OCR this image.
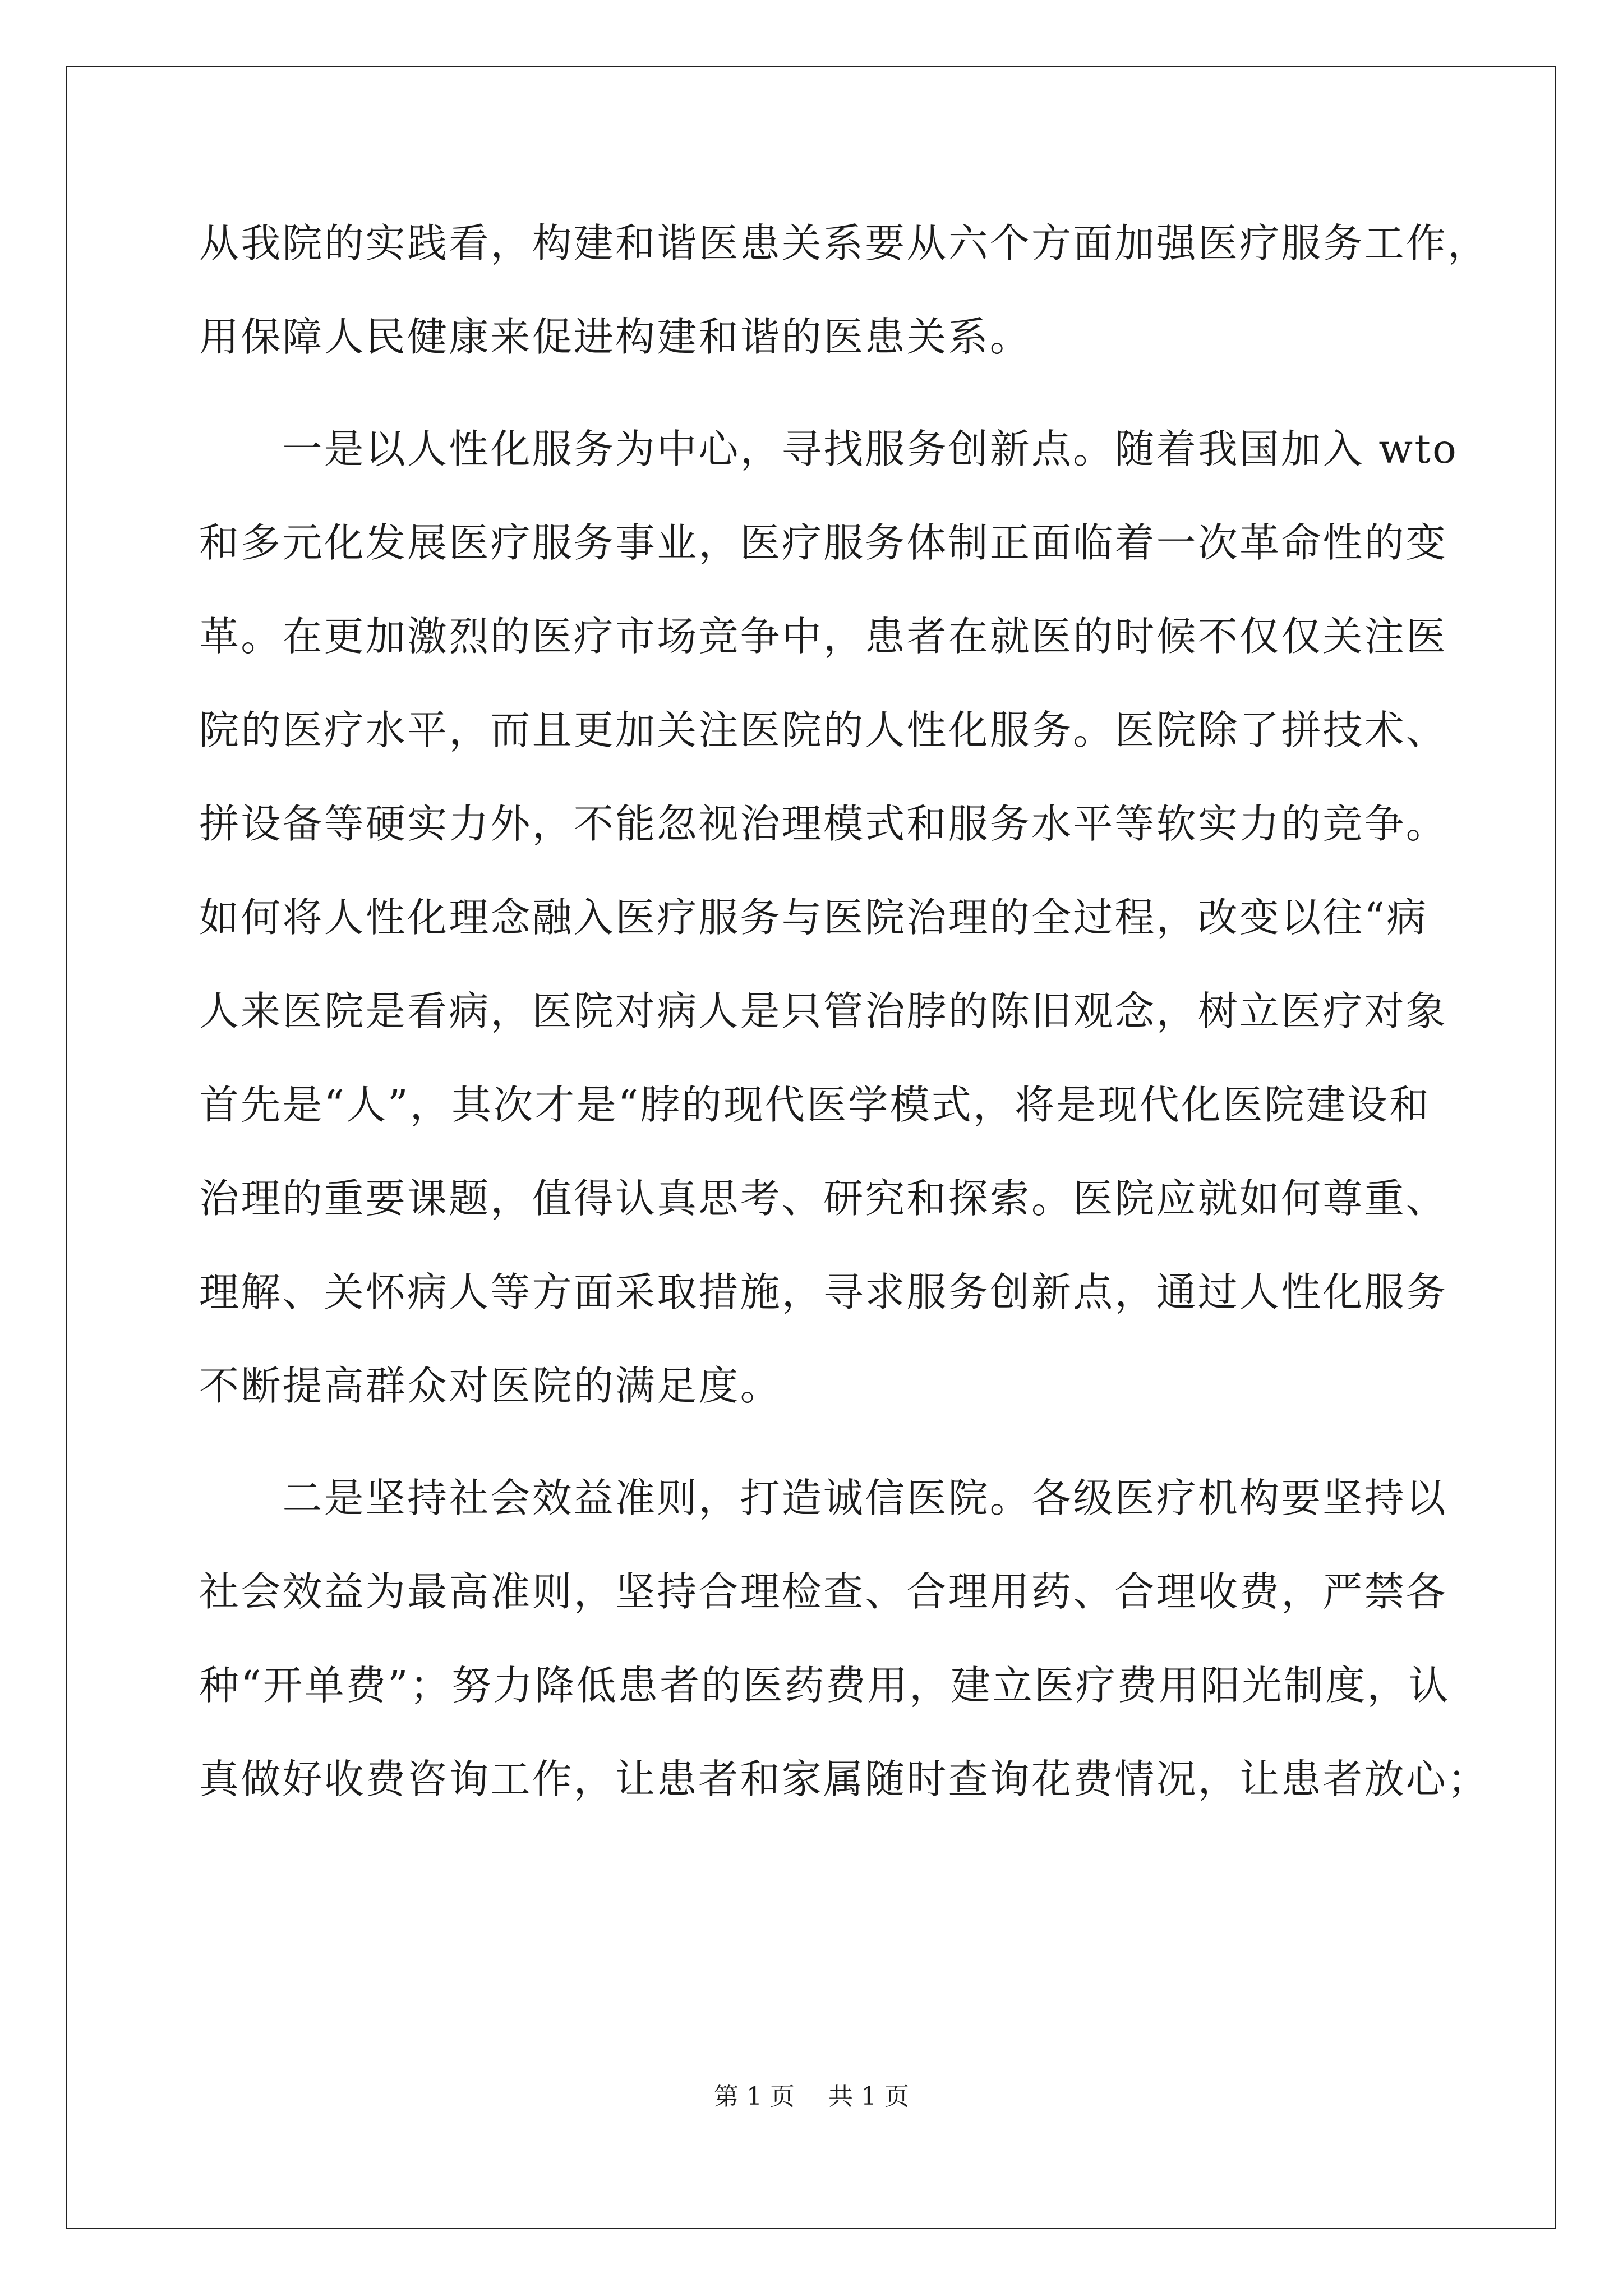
从我院的实践看，构建和谐医患关系要从六个方面加强医疗服务工作，
用保障人民健康来促进构建和谐的医患关系。
　　一是以人性化服务为中心，寻找服务创新点。随着我国加入 wto
和多元化发展医疗服务事业，医疗服务体制正面临着一次革命性的变
革。在更加激烈的医疗市场竞争中，患者在就医的时候不仅仅关注医
院的医疗水平，而且更加关注医院的人性化服务。医院除了拼技术、
拼设备等硬实力外，不能忽视治理模式和服务水平等软实力的竞争。
如何将人性化理念融入医疗服务与医院治理的全过程，改变以往“病
人来医院是看病，医院对病人是只管治脖的陈旧观念，树立医疗对象
首先是“人”，其次才是“脖的现代医学模式，将是现代化医院建设和
治理的重要课题，值得认真思考、研究和探索。医院应就如何尊重、
理解、关怀病人等方面采取措施，寻求服务创新点，通过人性化服务
不断提高群众对医院的满足度。
　　二是坚持社会效益准则，打造诚信医院。各级医疗机构要坚持以
社会效益为最高准则，坚持合理检查、合理用药、合理收费，严禁各
种“开单费”；努力降低患者的医药费用，建立医疗费用阳光制度，认
真做好收费咨询工作，让患者和家属随时查询花费情况，让患者放心；
第 1 页 共 1 页
